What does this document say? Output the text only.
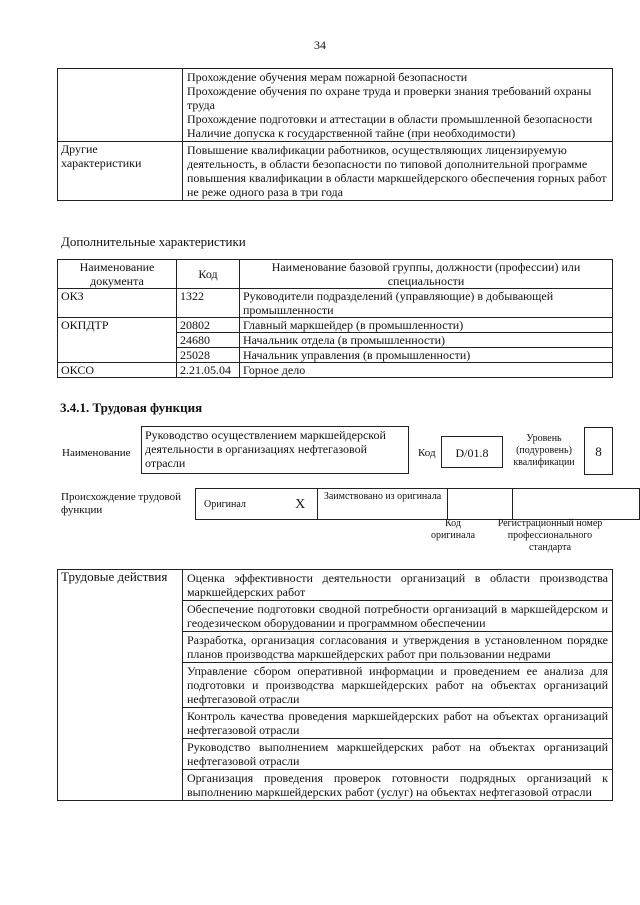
34

	Прохождение обучения мерам пожарной безопасности
Прохождение обучения по охране труда и проверки знания требований охраны труда
Прохождение подготовки и аттестации в области промышленной безопасности
Наличие допуска к государственной тайне (при необходимости)

Другие характеристики	Повышение квалификации работников, осуществляющих лицензируемую деятельность, в области безопасности по типовой дополнительной программе повышения квалификации в области маркшейдерского обеспечения горных работ не реже одного раза в три года
Дополнительные характеристики
Наименование документа	Код	Наименование базовой группы, должности (профессии) или специальности
ОКЗ	1322	Руководители подразделений (управляющие) в добывающей промышленности
ОКПДТР	20802	Главный маркшейдер (в промышленности)
	24680	Начальник отдела (в промышленности)
	25028	Начальник управления (в промышленности)
ОКСО	2.21.05.04	Горное дело
3.4.1. Трудовая функция
Наименование
Руководство осуществлением маркшейдерской деятельности в организациях нефтегазовой отрасли
Код	D/01.8
Уровень (подуровень) квалификации
8
Происхождение трудовой функции	Оригинал	X	Заимствовано из оригинала		
Код оригинала
Регистрационный номер профессионального стандарта
Трудовые действия	Оценка эффективности деятельности организаций в области производства маркшейдерских работ
Обеспечение подготовки сводной потребности организаций в маркшейдерском и геодезическом оборудовании и программном обеспечении
Разработка, организация согласования и утверждения в установленном порядке планов производства маркшейдерских работ при пользовании недрами
Управление сбором оперативной информации и проведением ее анализа для подготовки и производства маркшейдерских работ на объектах организаций нефтегазовой отрасли
Контроль качества проведения маркшейдерских работ на объектах организаций нефтегазовой отрасли
Руководство выполнением маркшейдерских работ на объектах организаций нефтегазовой отрасли
Организация проведения проверок готовности подрядных организаций к выполнению маркшейдерских работ (услуг) на объектах нефтегазовой отрасли
